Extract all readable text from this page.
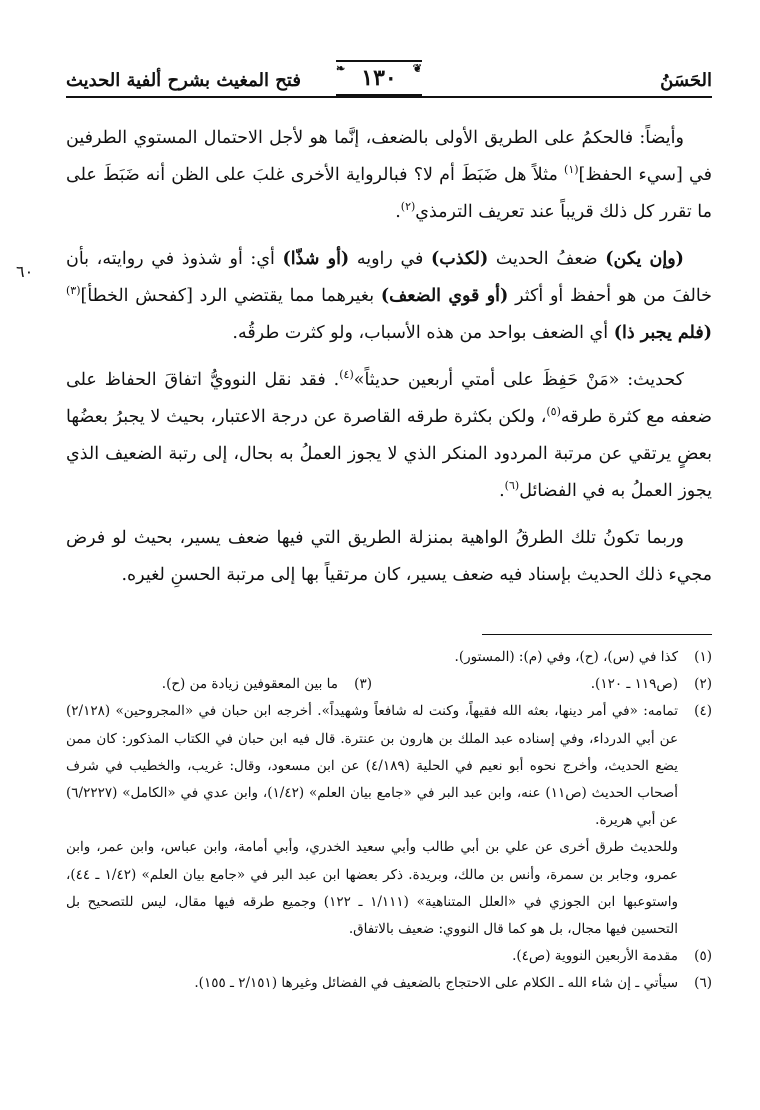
الحَسَنُ
❦
١٣٠
❧
فتح المغيث بشرح ألفية الحديث
٦٠

وأيضاً: فالحكمُ على الطريق الأولى بالضعف، إنَّما هو لأجل الاحتمال المستوي الطرفين في [سيء الحفظ]$^{(١)}$ مثلاً هل ضَبَطَ أم لا؟ فبالرواية الأخرى غلبَ على الظن أنه ضَبَطَ على ما تقرر كل ذلك قريباً عند تعريف الترمذي$^{(٢)}$.

(وإن يكن) ضعفُ الحديث (لكذب) في راويه (أو شذّا) أي: أو شذوذ في روايته، بأن خالفَ من هو أحفظ أو أكثر (أو قوي الضعف) بغيرهما مما يقتضي الرد [كفحش الخطأ]$^{(٣)}$ (فلم يجبر ذا) أي الضعف بواحد من هذه الأسباب، ولو كثرت طرقُه.

كحديث: «مَنْ حَفِظَ على أمتي أربعين حديثاً»$^{(٤)}$. فقد نقل النوويُّ اتفاقَ الحفاظ على ضعفه مع كثرة طرقه$^{(٥)}$، ولكن بكثرة طرقه القاصرة عن درجة الاعتبار، بحيث لا يجبرُ بعضُها بعضٍ يرتقي عن مرتبة المردود المنكر الذي لا يجوز العملُ به بحال، إلى رتبة الضعيف الذي يجوز العملُ به في الفضائل$^{(٦)}$.

وربما تكونُ تلك الطرقُ الواهية بمنزلة الطريق التي فيها ضعف يسير، بحيث لو فرض مجيء ذلك الحديث بإسناد فيه ضعف يسير، كان مرتقياً بها إلى مرتبة الحسنِ لغيره.

(١)
كذا في (س)، (ح)، وفي (م): (المستور).
(٢)
(ص١١٩ ـ ١٢٠).
(٣)
ما بين المعقوفين زيادة من (ح).
(٤)
تمامه: «في أمر دينها، بعثه الله فقيهاً، وكنت له شافعاً وشهيداً». أخرجه ابن حبان في «المجروحين» (٢/١٢٨) عن أبي الدرداء، وفي إسناده عبد الملك بن هارون بن عنترة. قال فيه ابن حبان في الكتاب المذكور: كان ممن يضع الحديث، وأخرج نحوه أبو نعيم في الحلية (٤/١٨٩) عن ابن مسعود، وقال: غريب، والخطيب في شرف أصحاب الحديث (ص١١) عنه، وابن عبد البر في «جامع بيان العلم» (١/٤٢)، وابن عدي في «الكامل» (٦/٢٢٢٧) عن أبي هريرة.
وللحديث طرق أخرى عن علي بن أبي طالب وأبي سعيد الخدري، وأبي أمامة، وابن عباس، وابن عمر، وابن عمرو، وجابر بن سمرة، وأنس بن مالك، وبريدة. ذكر بعضها ابن عبد البر في «جامع بيان العلم» (١/٤٢ ـ ٤٤)، واستوعبها ابن الجوزي في «العلل المتناهية» (١/١١١ ـ ١٢٢) وجميع طرقه فيها مقال، ليس للتصحيح بل التحسين فيها مجال، بل هو كما قال النووي: ضعيف بالاتفاق.
(٥)
مقدمة الأربعين النووية (ص٤).
(٦)
سيأتي ـ إن شاء الله ـ الكلام على الاحتجاج بالضعيف في الفضائل وغيرها (٢/١٥١ ـ ١٥٥).
